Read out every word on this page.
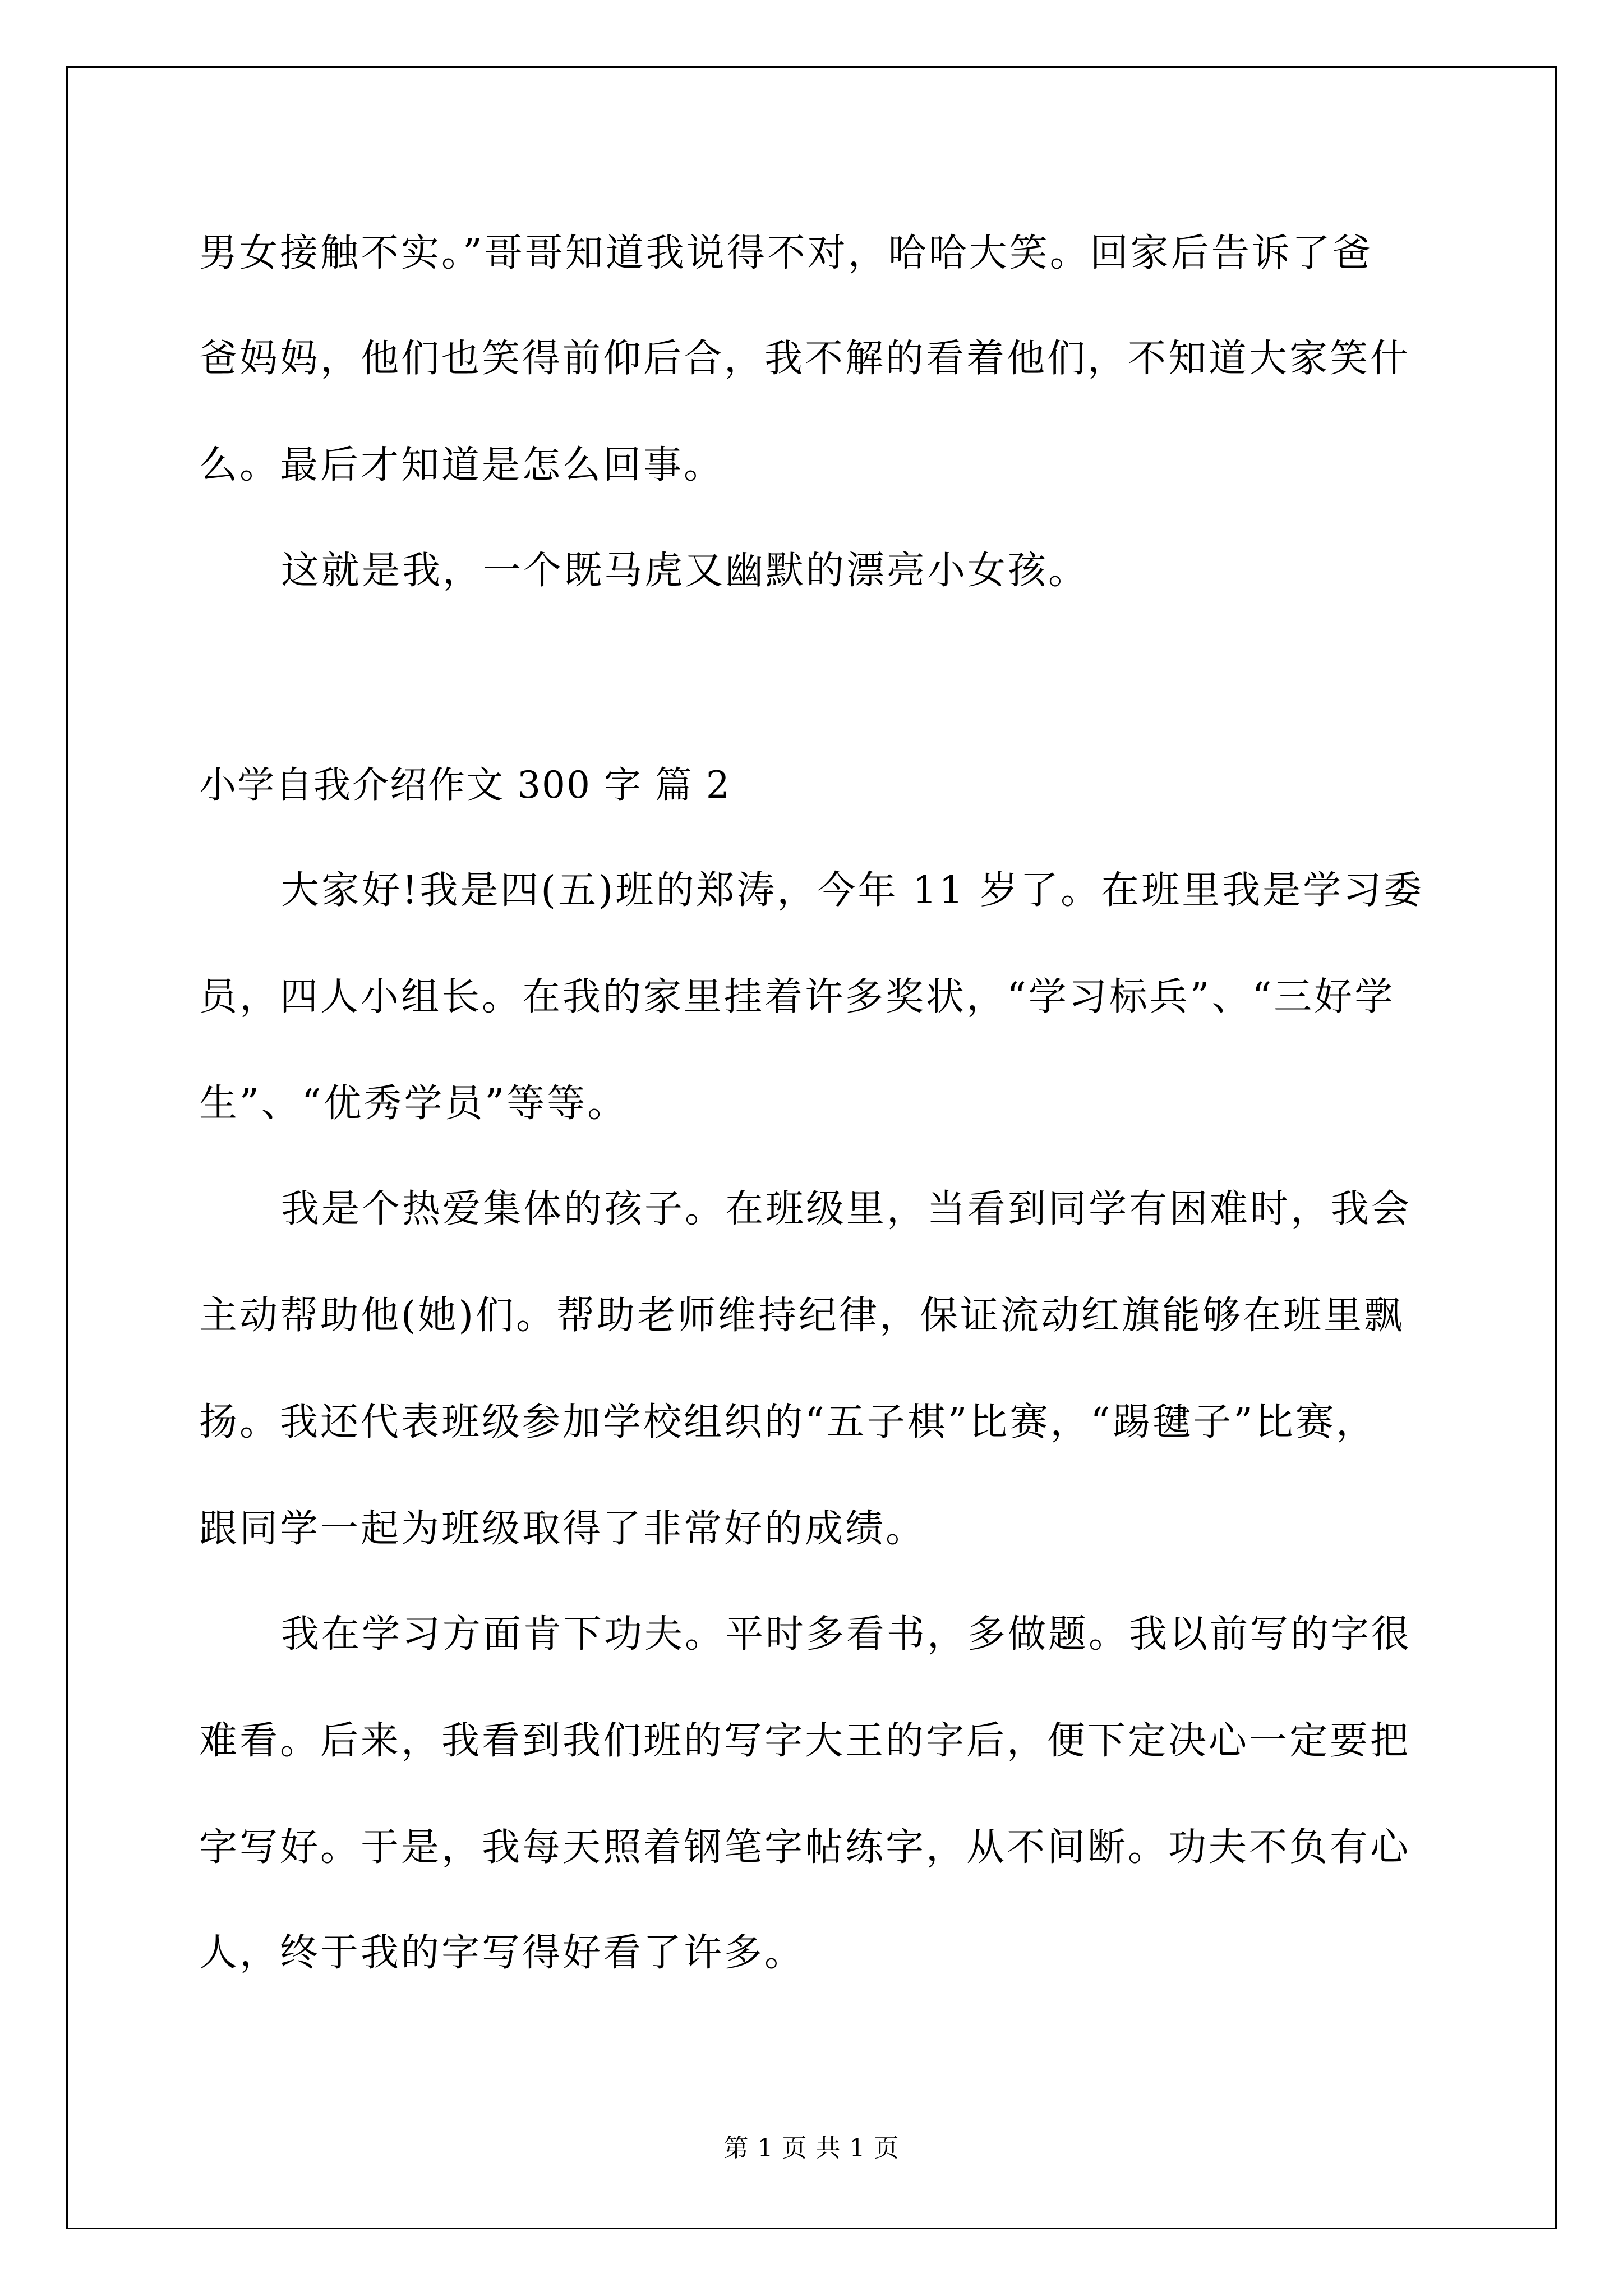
男女接触不实。”哥哥知道我说得不对，哈哈大笑。回家后告诉了爸
爸妈妈，他们也笑得前仰后合，我不解的看着他们，不知道大家笑什
么。最后才知道是怎么回事。
这就是我，一个既马虎又幽默的漂亮小女孩。
小学自我介绍作文 300 字 篇 2
大家好!我是四(五)班的郑涛，今年 11 岁了。在班里我是学习委
员，四人小组长。在我的家里挂着许多奖状，“学习标兵”、“三好学
生”、“优秀学员”等等。
我是个热爱集体的孩子。在班级里，当看到同学有困难时，我会
主动帮助他(她)们。帮助老师维持纪律，保证流动红旗能够在班里飘
扬。我还代表班级参加学校组织的“五子棋”比赛，“踢毽子”比赛，
跟同学一起为班级取得了非常好的成绩。
我在学习方面肯下功夫。平时多看书，多做题。我以前写的字很
难看。后来，我看到我们班的写字大王的字后，便下定决心一定要把
字写好。于是，我每天照着钢笔字帖练字，从不间断。功夫不负有心
人，终于我的字写得好看了许多。
第 1 页 共 1 页
